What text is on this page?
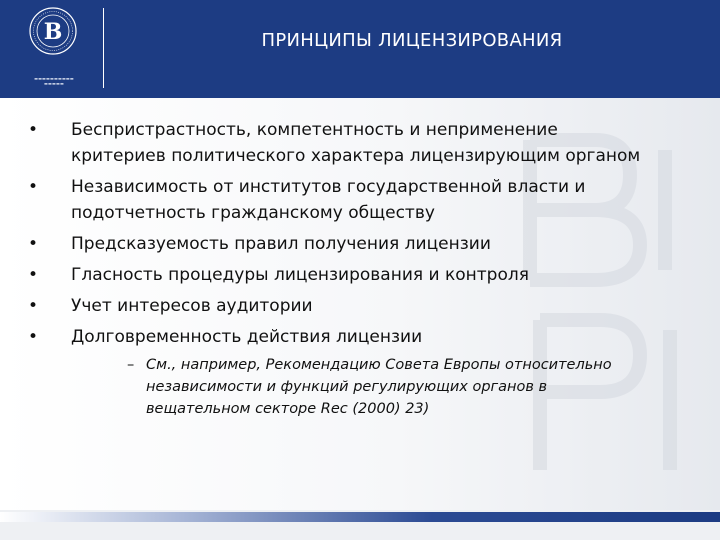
В
▬▬▬▬▬▬▬▬▬▬
▬▬▬▬▬
ПРИНЦИПЫ ЛИЦЕНЗИРОВАНИЯ
• Беспристрастность, компетентность и неприменение критериев политического характера лицензирующим органом
• Независимость от институтов государственной власти и подотчетность гражданскому обществу
• Предсказуемость правил получения лицензии
• Гласность процедуры лицензирования и контроля
• Учет интересов аудитории
• Долговременность действия лицензии
– См., например, Рекомендацию Совета Европы относительно независимости и функций регулирующих органов в вещательном секторе Rec (2000) 23)
